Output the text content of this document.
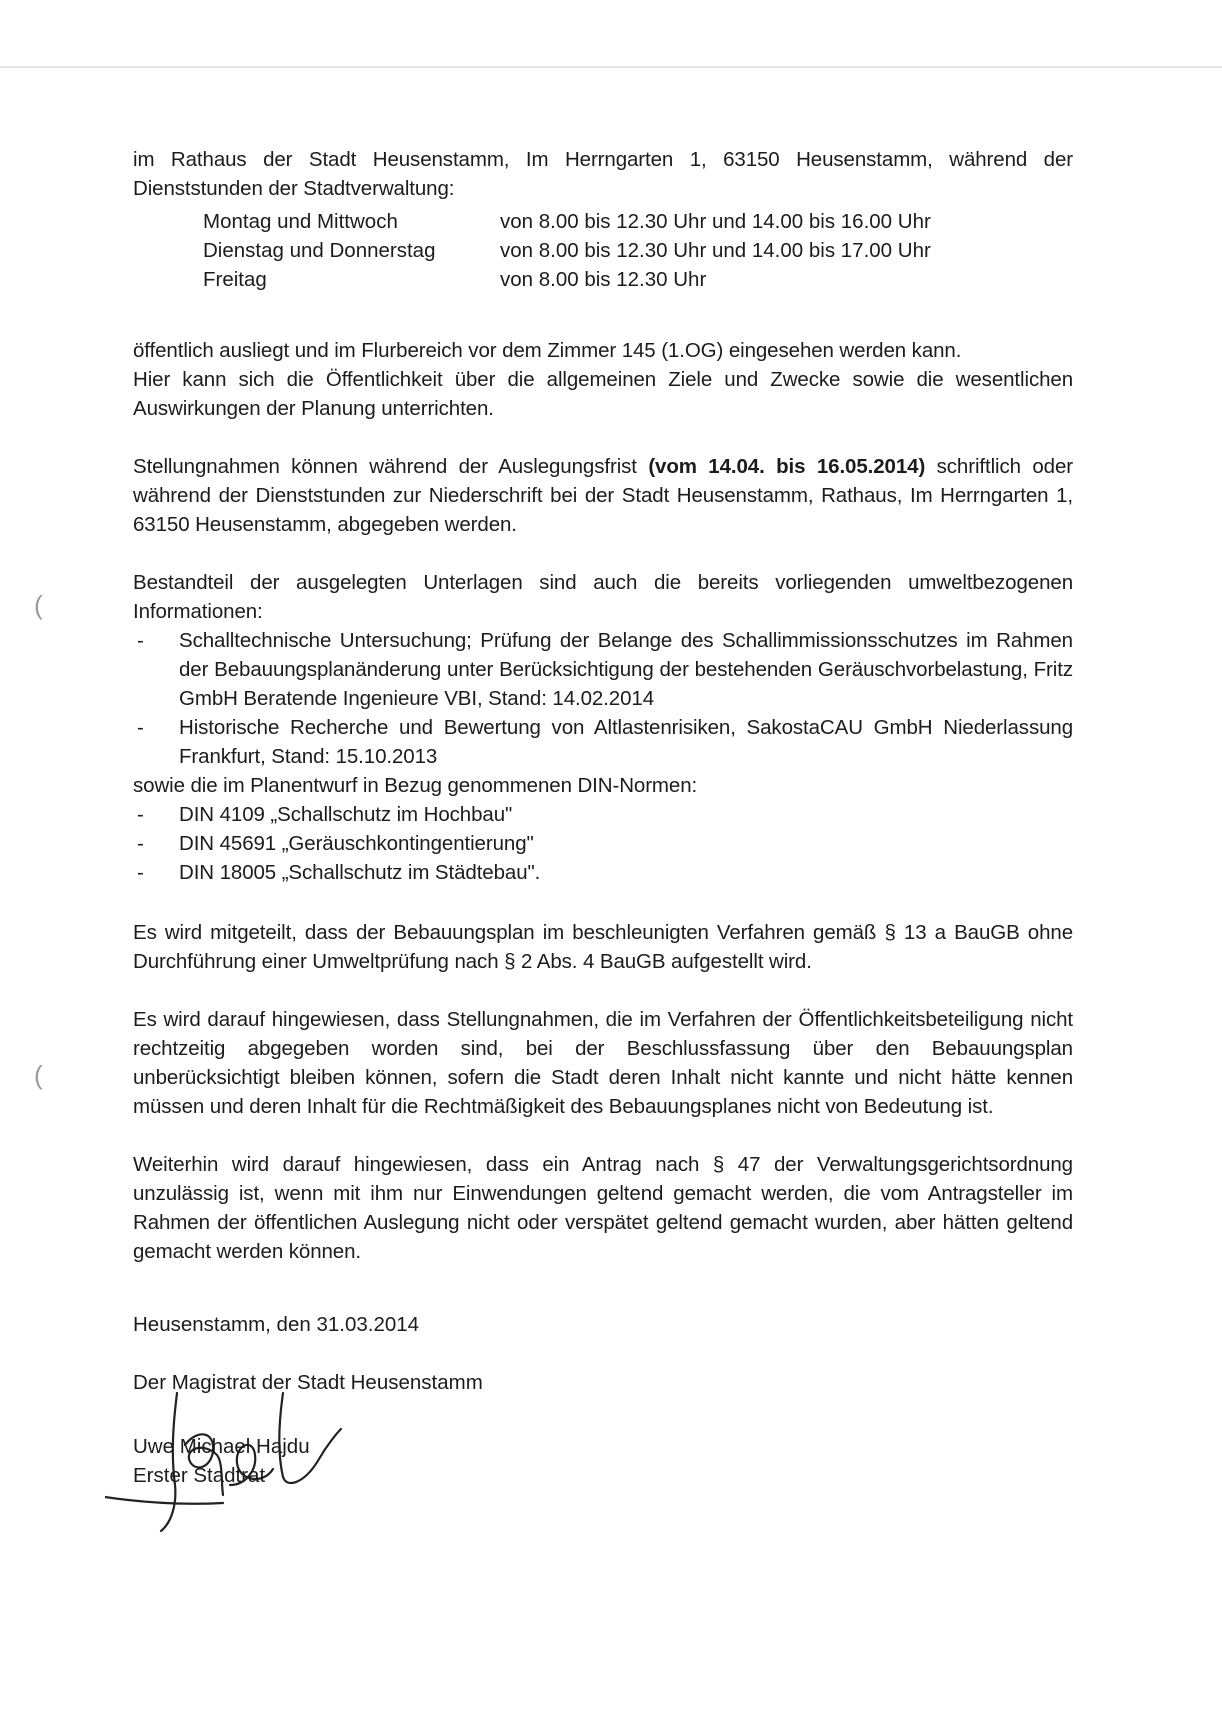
im Rathaus der Stadt Heusenstamm, Im Herrngarten 1, 63150 Heusenstamm, während der Dienststunden der Stadtverwaltung:

Montag und Mittwoch	von 8.00 bis 12.30 Uhr und 14.00 bis 16.00 Uhr
Dienstag und Donnerstag	von 8.00 bis 12.30 Uhr und 14.00 bis 17.00 Uhr
Freitag	von 8.00 bis 12.30 Uhr

öffentlich ausliegt und im Flurbereich vor dem Zimmer 145 (1.OG) eingesehen werden kann.

Hier kann sich die Öffentlichkeit über die allgemeinen Ziele und Zwecke sowie die wesentlichen Auswirkungen der Planung unterrichten.

Stellungnahmen können während der Auslegungsfrist (vom 14.04. bis 16.05.2014) schriftlich oder während der Dienststunden zur Niederschrift bei der Stadt Heusenstamm, Rathaus, Im Herrngarten 1, 63150 Heusenstamm, abgegeben werden.

Bestandteil der ausgelegten Unterlagen sind auch die bereits vorliegenden umweltbezogenen Informationen:

- Schalltechnische Untersuchung; Prüfung der Belange des Schallimmissionsschutzes im Rahmen der Bebauungsplanänderung unter Berücksichtigung der bestehenden Geräuschvorbelastung, Fritz GmbH Beratende Ingenieure VBI, Stand: 14.02.2014
- Historische Recherche und Bewertung von Altlastenrisiken, SakostaCAU GmbH Niederlassung Frankfurt, Stand: 15.10.2013

sowie die im Planentwurf in Bezug genommenen DIN-Normen:

- DIN 4109 „Schallschutz im Hochbau"
- DIN 45691 „Geräuschkontingentierung"
- DIN 18005 „Schallschutz im Städtebau".

Es wird mitgeteilt, dass der Bebauungsplan im beschleunigten Verfahren gemäß § 13 a BauGB ohne Durchführung einer Umweltprüfung nach § 2 Abs. 4 BauGB aufgestellt wird.

Es wird darauf hingewiesen, dass Stellungnahmen, die im Verfahren der Öffentlichkeitsbeteiligung nicht rechtzeitig abgegeben worden sind, bei der Beschlussfassung über den Bebauungsplan unberücksichtigt bleiben können, sofern die Stadt deren Inhalt nicht kannte und nicht hätte kennen müssen und deren Inhalt für die Rechtmäßigkeit des Bebauungsplanes nicht von Bedeutung ist.

Weiterhin wird darauf hingewiesen, dass ein Antrag nach § 47 der Verwaltungsgerichtsordnung unzulässig ist, wenn mit ihm nur Einwendungen geltend gemacht werden, die vom Antragsteller im Rahmen der öffentlichen Auslegung nicht oder verspätet geltend gemacht wurden, aber hätten geltend gemacht werden können.

Heusenstamm, den 31.03.2014
Der Magistrat der Stadt Heusenstamm
Uwe Michael Hajdu
Erster Stadtrat
(
(
